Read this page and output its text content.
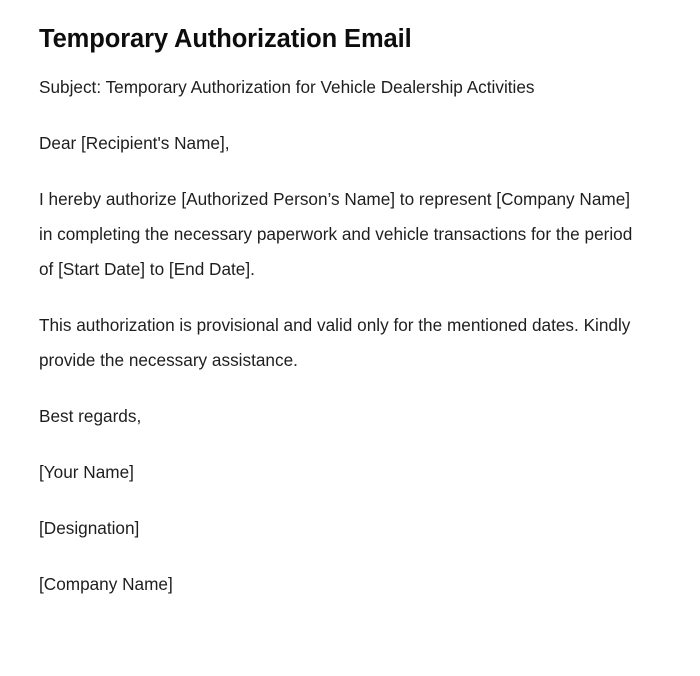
Temporary Authorization Email

Subject: Temporary Authorization for Vehicle Dealership Activities

Dear [Recipient's Name],

I hereby authorize [Authorized Person’s Name] to represent [Company Name] in completing the necessary paperwork and vehicle transactions for the period of [Start Date] to [End Date].

This authorization is provisional and valid only for the mentioned dates. Kindly provide the necessary assistance.

Best regards,

[Your Name]

[Designation]

[Company Name]
